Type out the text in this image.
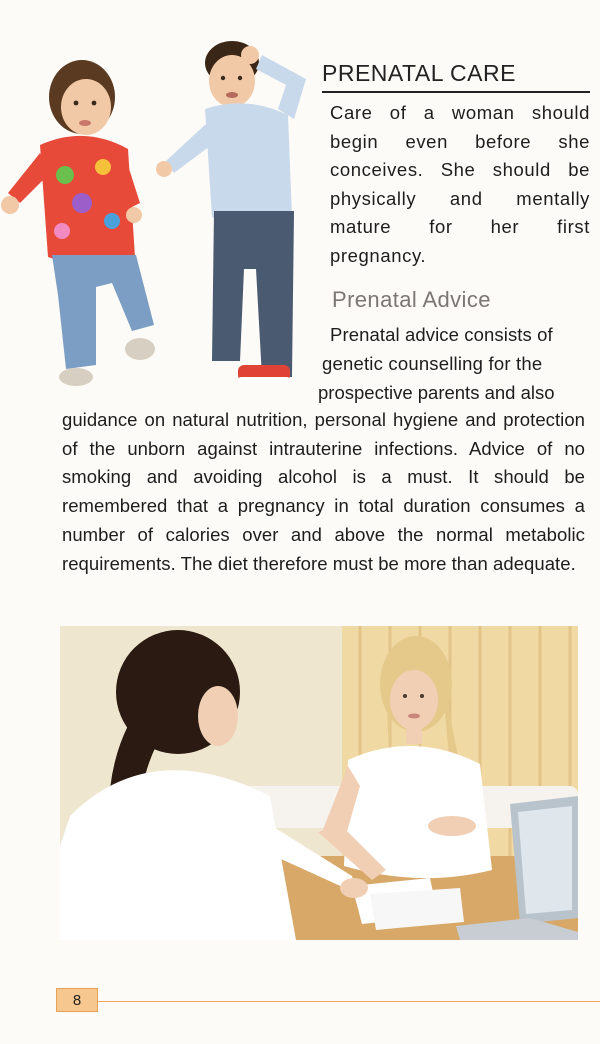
PRENATAL CARE

Care of a woman should begin even before she conceives. She should be physically and mentally mature for her first pregnancy.

Prenatal Advice

Prenatal advice consists of

genetic counselling for the

prospective parents and also

guidance on natural nutrition, personal hygiene and protection of the unborn against intrauterine infections. Advice of no smoking and avoiding alcohol is a must. It should be remembered that a pregnancy in total duration consumes a number of calories over and above the normal metabolic requirements. The diet therefore must be more than adequate.

8
